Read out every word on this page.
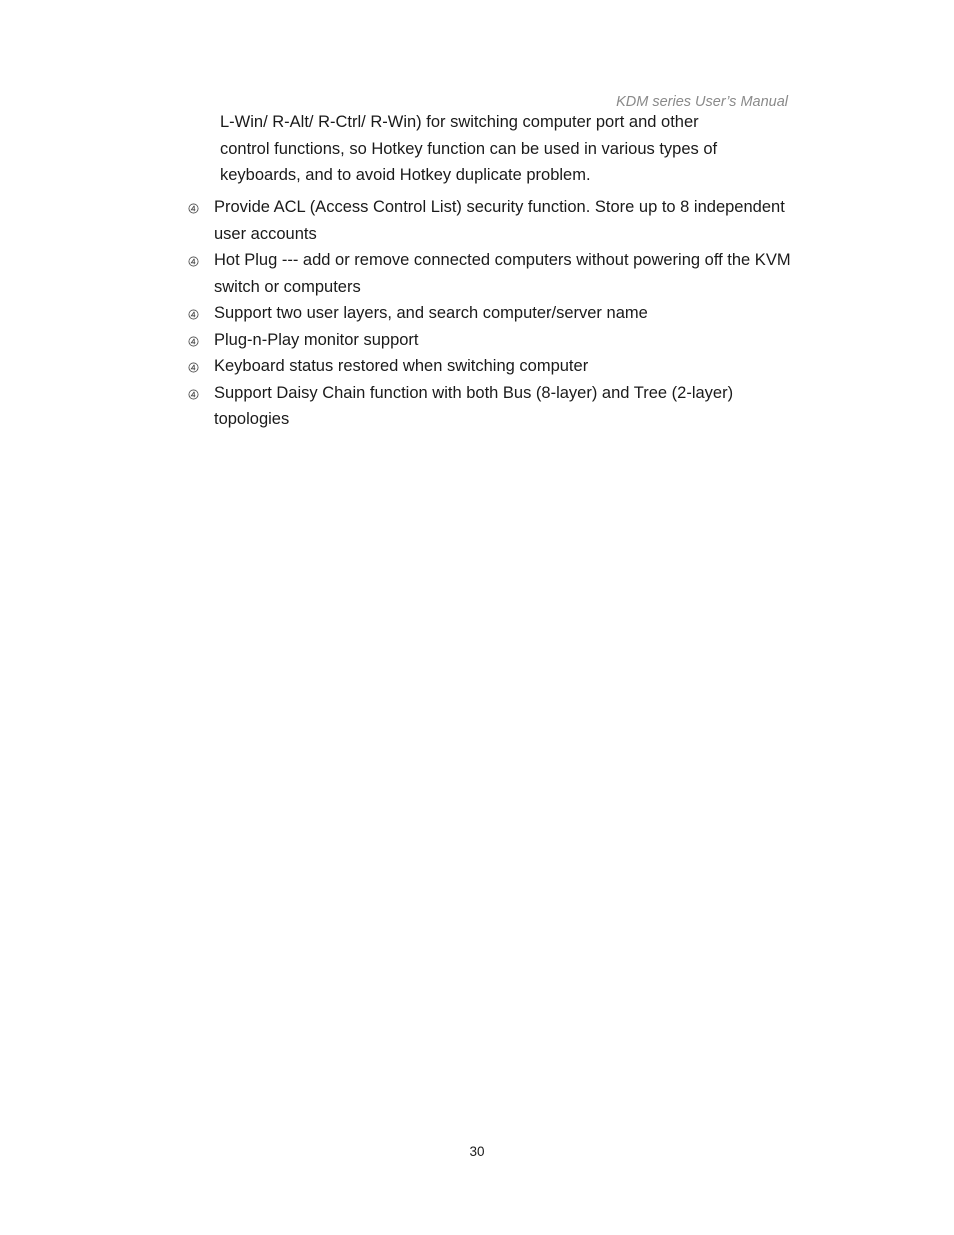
KDM series User’s Manual
L-Win/ R-Alt/ R-Ctrl/ R-Win) for switching computer port and other
control functions, so Hotkey function can be used in various types of
keyboards, and to avoid Hotkey duplicate problem.
Provide ACL (Access Control List) security function. Store up to 8 independent user accounts
Hot Plug --- add or remove connected computers without powering off the KVM switch or computers
Support two user layers, and search computer/server name
Plug-n-Play monitor support
Keyboard status restored when switching computer
Support Daisy Chain function with both Bus (8-layer) and Tree (2-layer) topologies
30
